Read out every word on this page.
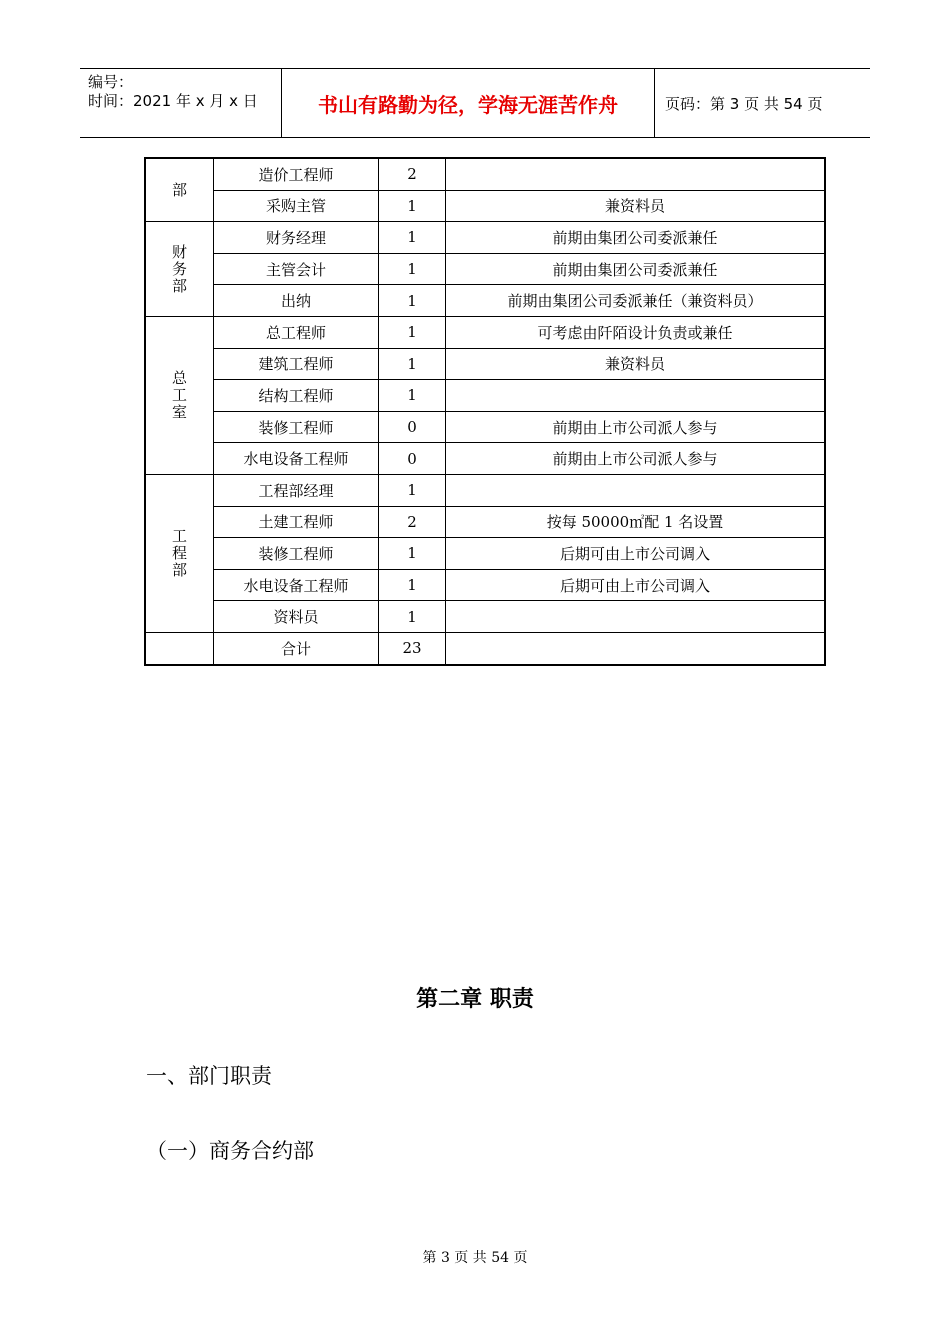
编号：
时间：2021 年 x 月 x 日	书山有路勤为径，学海无涯苦作舟	页码：第 3 页 共 54 页
部	造价工程师	2	
	采购主管	1	兼资料员
财务部	财务经理	1	前期由集团公司委派兼任
	主管会计	1	前期由集团公司委派兼任
	出纳	1	前期由集团公司委派兼任（兼资料员）
总工室	总工程师	1	可考虑由阡陌设计负责或兼任
	建筑工程师	1	兼资料员
	结构工程师	1	
	装修工程师	0	前期由上市公司派人参与
	水电设备工程师	0	前期由上市公司派人参与
工程部	工程部经理	1	
	土建工程师	2	按每 50000㎡配 1 名设置
	装修工程师	1	后期可由上市公司调入
	水电设备工程师	1	后期可由上市公司调入
	资料员	1	
	合计	23	
第二章 职责
一、部门职责
（一）商务合约部
第 3 页 共 54 页
